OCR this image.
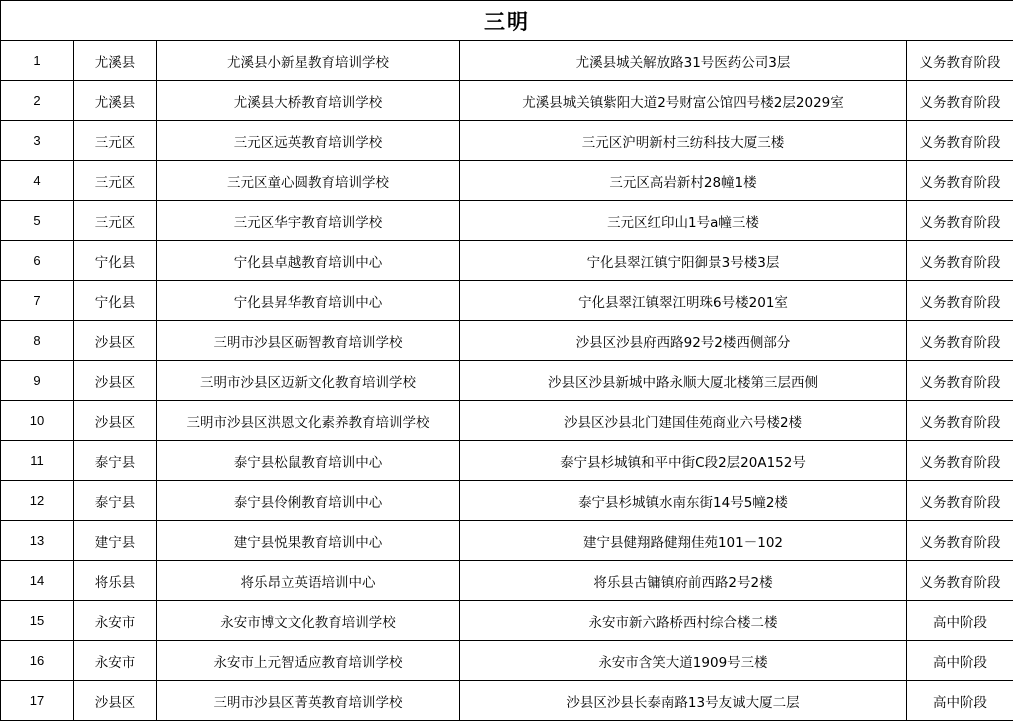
三明				
1	尤溪县	尤溪县小新星教育培训学校	尤溪县城关解放路31号医药公司3层	义务教育阶段
2	尤溪县	尤溪县大桥教育培训学校	尤溪县城关镇紫阳大道2号财富公馆四号楼2层2029室	义务教育阶段
3	三元区	三元区远英教育培训学校	三元区沪明新村三纺科技大厦三楼	义务教育阶段
4	三元区	三元区童心圆教育培训学校	三元区高岩新村28幢1楼	义务教育阶段
5	三元区	三元区华宇教育培训学校	三元区红印山1号a幢三楼	义务教育阶段
6	宁化县	宁化县卓越教育培训中心	宁化县翠江镇宁阳御景3号楼3层	义务教育阶段
7	宁化县	宁化县昇华教育培训中心	宁化县翠江镇翠江明珠6号楼201室	义务教育阶段
8	沙县区	三明市沙县区砺智教育培训学校	沙县区沙县府西路92号2楼西侧部分	义务教育阶段
9	沙县区	三明市沙县区迈新文化教育培训学校	沙县区沙县新城中路永顺大厦北楼第三层西侧	义务教育阶段
10	沙县区	三明市沙县区洪恩文化素养教育培训学校	沙县区沙县北门建国佳苑商业六号楼2楼	义务教育阶段
11	泰宁县	泰宁县松鼠教育培训中心	泰宁县杉城镇和平中街C段2层20A152号	义务教育阶段
12	泰宁县	泰宁县伶俐教育培训中心	泰宁县杉城镇水南东街14号5幢2楼	义务教育阶段
13	建宁县	建宁县悦果教育培训中心	建宁县健翔路健翔佳苑101－102	义务教育阶段
14	将乐县	将乐昂立英语培训中心	将乐县古镛镇府前西路2号2楼	义务教育阶段
15	永安市	永安市博文文化教育培训学校	永安市新六路桥西村综合楼二楼	高中阶段
16	永安市	永安市上元智适应教育培训学校	永安市含笑大道1909号三楼	高中阶段
17	沙县区	三明市沙县区菁英教育培训学校	沙县区沙县长泰南路13号友诚大厦二层	高中阶段
